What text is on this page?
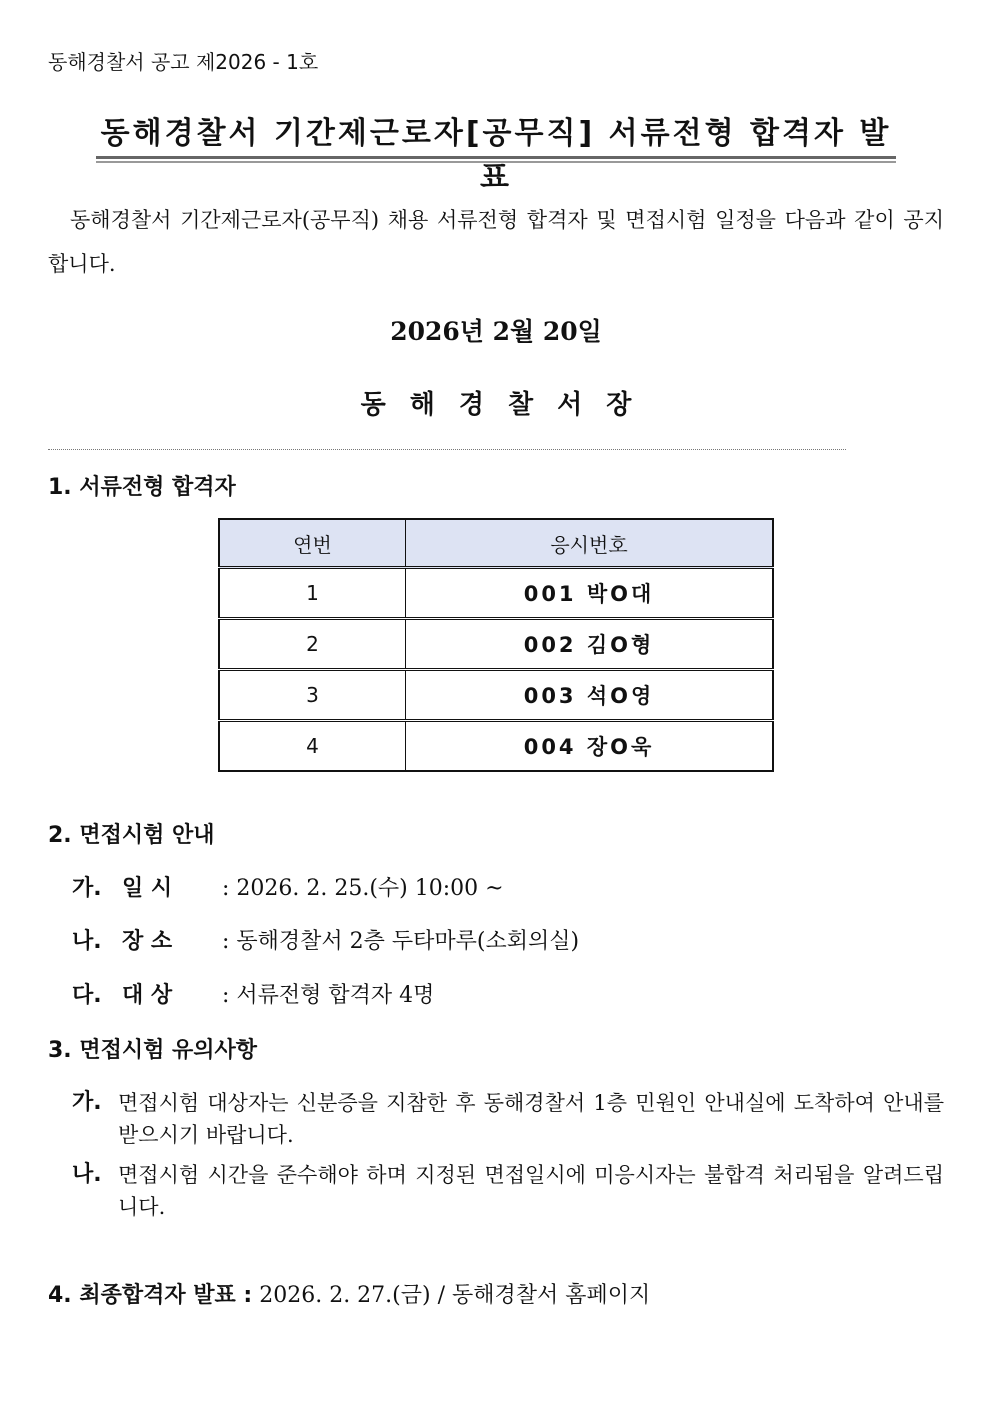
동해경찰서 공고 제2026 - 1호
동해경찰서 기간제근로자[공무직] 서류전형 합격자 발표

동해경찰서 기간제근로자(공무직) 채용 서류전형 합격자 및 면접시험 일정을 다음과 같이 공지합니다.

2026년 2월 20일
동해경찰서장
1. 서류전형 합격자
연번	응시번호
1	001 박O대
2	002 김O형
3	003 석O영
4	004 장O욱
2. 면접시험 안내
가. 일 시 : 2026. 2. 25.(수) 10:00 ~
나. 장 소 : 동해경찰서 2층 두타마루(소회의실)
다. 대 상 : 서류전형 합격자 4명
3. 면접시험 유의사항
가. 면접시험 대상자는 신분증을 지참한 후 동해경찰서 1층 민원인 안내실에 도착하여 안내를 받으시기 바랍니다.
나. 면접시험 시간을 준수해야 하며 지정된 면접일시에 미응시자는 불합격 처리됨을 알려드립니다.
4. 최종합격자 발표 : 2026. 2. 27.(금) / 동해경찰서 홈페이지
